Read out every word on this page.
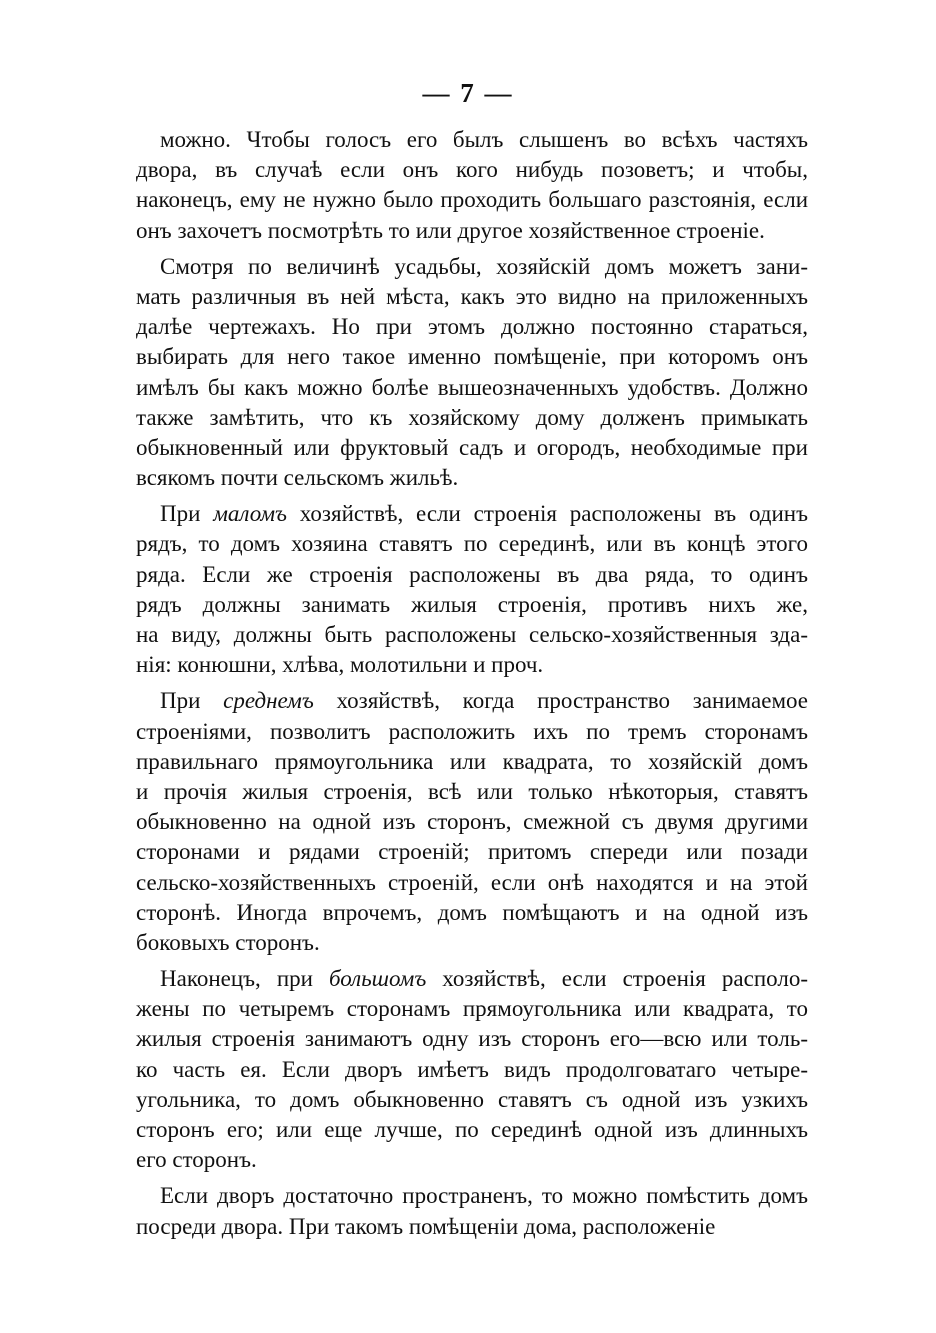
— 7 —
можно. Чтобы голосъ его былъ слышенъ во всѣхъ частяхъ
двора, въ случаѣ если онъ кого нибудь позоветъ; и чтобы,
наконецъ, ему не нужно было проходить большаго разстоянія, если
онъ захочетъ посмотрѣть то или другое хозяйственное строеніе.
Смотря по величинѣ усадьбы, хозяйскій домъ можетъ зани-
мать различныя въ ней мѣста, какъ это видно на приложенныхъ
далѣе чертежахъ. Но при этомъ должно постоянно стараться,
выбирать для него такое именно помѣщеніе, при которомъ онъ
имѣлъ бы какъ можно болѣе вышеозначенныхъ удобствъ. Должно
также замѣтить, что къ хозяйскому дому долженъ примыкать
обыкновенный или фруктовый садъ и огородъ, необходимые при
всякомъ почти сельскомъ жильѣ.
При маломъ хозяйствѣ, если строенія расположены въ одинъ
рядъ, то домъ хозяина ставятъ по серединѣ, или въ концѣ этого
ряда. Если же строенія расположены въ два ряда, то одинъ
рядъ должны занимать жилыя строенія, противъ нихъ же,
на виду, должны быть расположены сельско-хозяйственныя зда-
нія: конюшни, хлѣва, молотильни и проч.
При среднемъ хозяйствѣ, когда пространство занимаемое
строеніями, позволитъ расположить ихъ по тремъ сторонамъ
правильнаго прямоугольника или квадрата, то хозяйскій домъ
и прочія жилыя строенія, всѣ или только нѣкоторыя, ставятъ
обыкновенно на одной изъ сторонъ, смежной съ двумя другими
сторонами и рядами строеній; притомъ спереди или позади
сельско-хозяйственныхъ строеній, если онѣ находятся и на этой
сторонѣ. Иногда впрочемъ, домъ помѣщаютъ и на одной изъ
боковыхъ сторонъ.
Наконецъ, при большомъ хозяйствѣ, если строенія располо-
жены по четыремъ сторонамъ прямоугольника или квадрата, то
жилыя строенія занимаютъ одну изъ сторонъ его—всю или толь-
ко часть ея. Если дворъ имѣетъ видъ продолговатаго четыре-
угольника, то домъ обыкновенно ставятъ съ одной изъ узкихъ
сторонъ его; или еще лучше, по серединѣ одной изъ длинныхъ
его сторонъ.
Если дворъ достаточно пространенъ, то можно помѣстить домъ
посреди двора. При такомъ помѣщеніи дома, расположеніе
